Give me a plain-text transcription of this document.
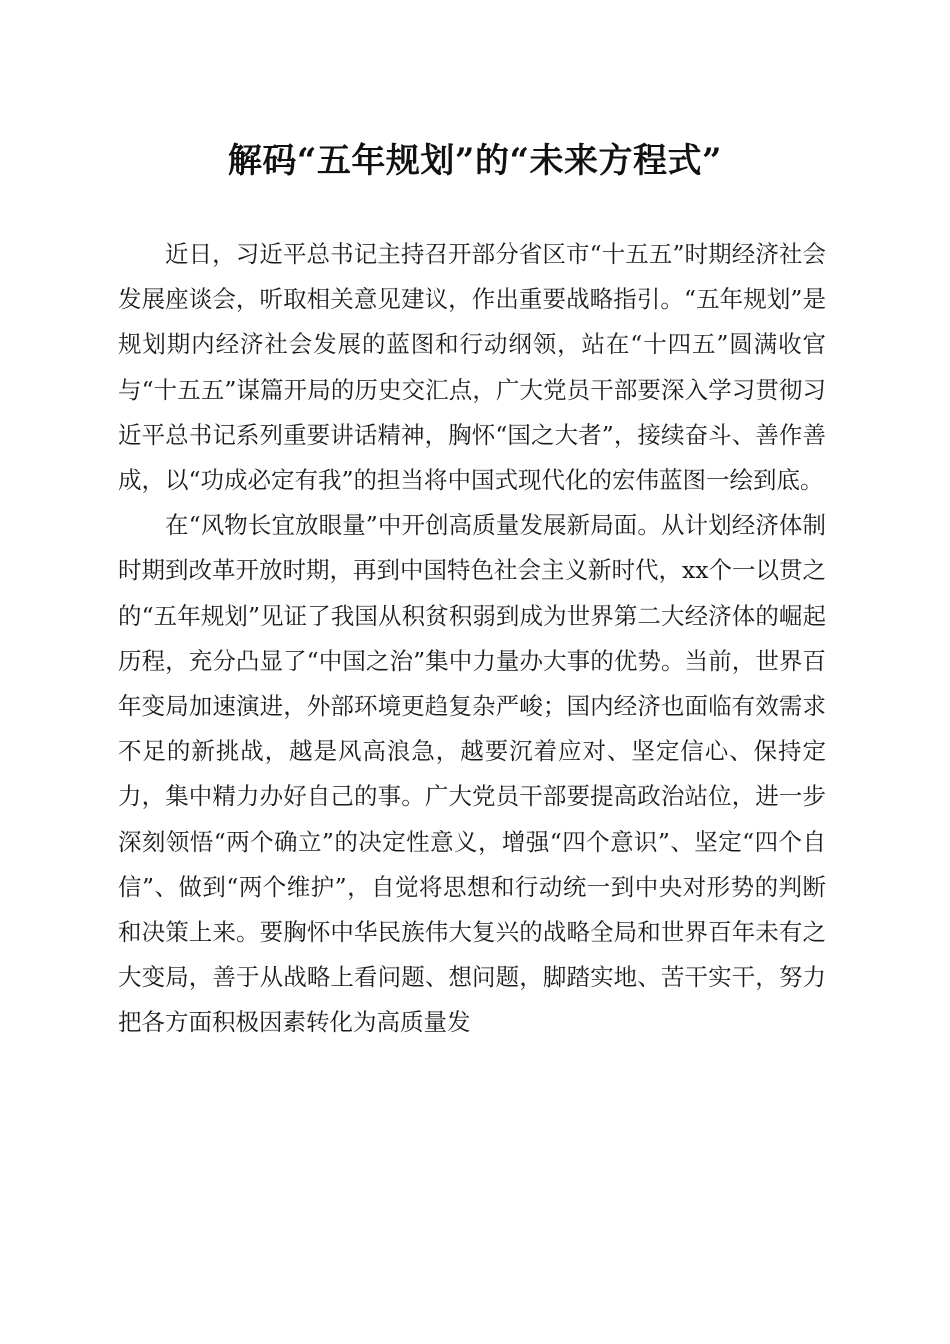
解码“五年规划”的“未来方程式”

近日，习近平总书记主持召开部分省区市“十五五”时期经济社会发展座谈会，听取相关意见建议，作出重要战略指引。“五年规划”是规划期内经济社会发展的蓝图和行动纲领，站在“十四五”圆满收官与“十五五”谋篇开局的历史交汇点，广大党员干部要深入学习贯彻习近平总书记系列重要讲话精神，胸怀“国之大者”，接续奋斗、善作善成，以“功成必定有我”的担当将中国式现代化的宏伟蓝图一绘到底。

在“风物长宜放眼量”中开创高质量发展新局面。从计划经济体制时期到改革开放时期，再到中国特色社会主义新时代，xx个一以贯之的“五年规划”见证了我国从积贫积弱到成为世界第二大经济体的崛起历程，充分凸显了“中国之治”集中力量办大事的优势。当前，世界百年变局加速演进，外部环境更趋复杂严峻；国内经济也面临有效需求不足的新挑战，越是风高浪急，越要沉着应对、坚定信心、保持定力，集中精力办好自己的事。广大党员干部要提高政治站位，进一步深刻领悟“两个确立”的决定性意义，增强“四个意识”、坚定“四个自信”、做到“两个维护”，自觉将思想和行动统一到中央对形势的判断和决策上来。要胸怀中华民族伟大复兴的战略全局和世界百年未有之大变局，善于从战略上看问题、想问题，脚踏实地、苦干实干，努力把各方面积极因素转化为高质量发
